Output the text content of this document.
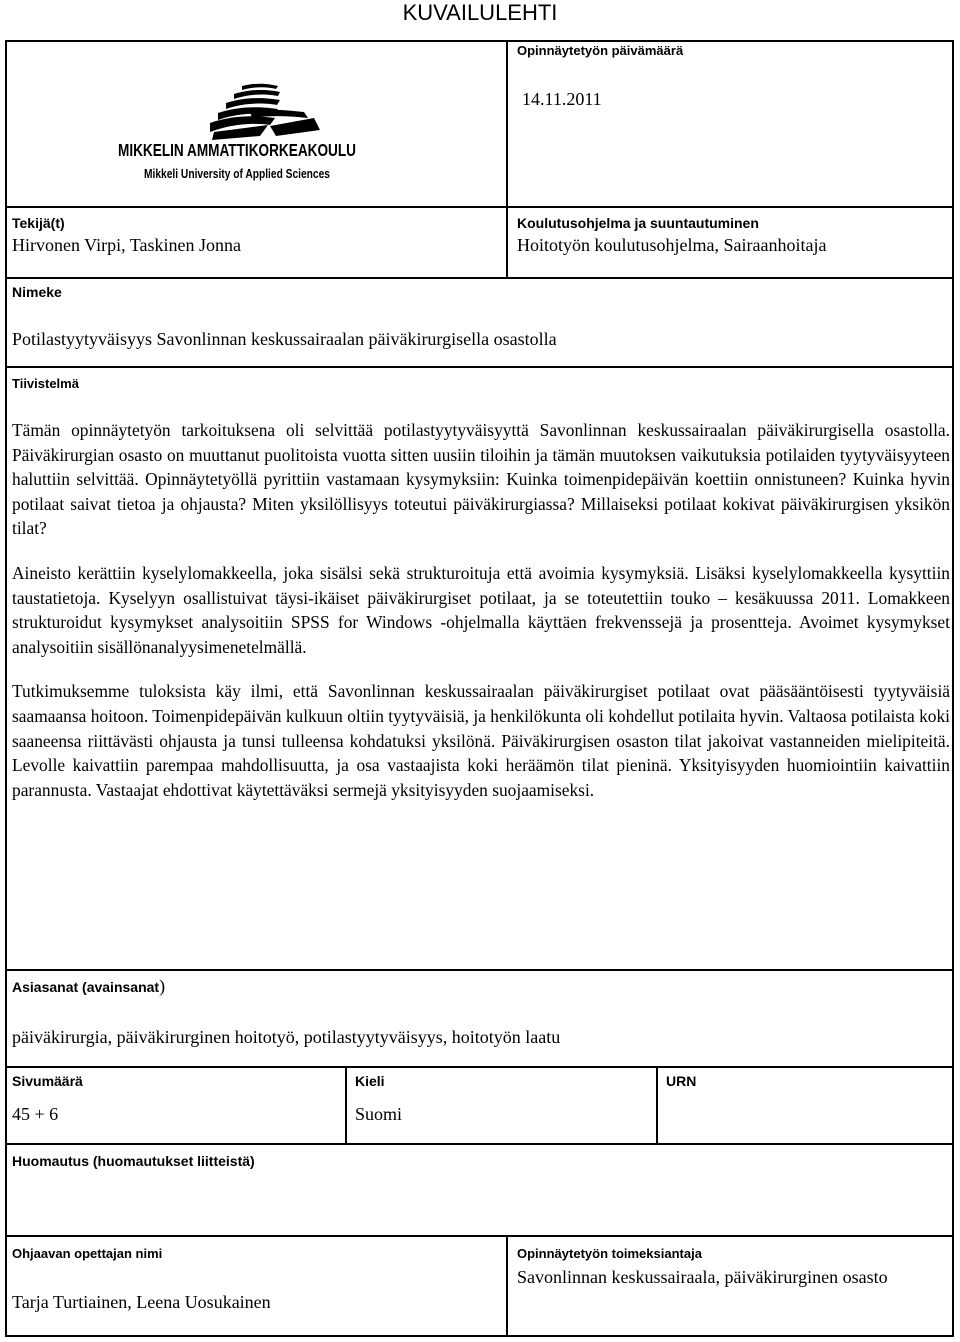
KUVAILULEHTI
MIKKELIN AMMATTIKORKEAKOULU
Mikkeli University of Applied Sciences
Opinnäytetyön päivämäärä
14.11.2011
Tekijä(t)
Hirvonen Virpi, Taskinen Jonna
Koulutusohjelma ja suuntautuminen
Hoitotyön koulutusohjelma, Sairaanhoitaja
Nimeke
Potilastyytyväisyys Savonlinnan keskussairaalan päiväkirurgisella osastolla
Tiivistelmä

Tämän opinnäytetyön tarkoituksena oli selvittää potilastyytyväisyyttä Savonlinnan keskussairaalan päiväkirurgisella osastolla. Päiväkirurgian osasto on muuttanut puolitoista vuotta sitten uusiin tiloihin ja tämän muutoksen vaikutuksia potilaiden tyytyväisyyteen haluttiin selvittää. Opinnäytetyöllä pyrittiin vastamaan kysymyksiin: Kuinka toimenpidepäivän koettiin onnistuneen? Kuinka hyvin potilaat saivat tietoa ja ohjausta? Miten yksilöllisyys toteutui päiväkirurgiassa? Millaiseksi potilaat kokivat päiväkirurgisen yksikön tilat?

Aineisto kerättiin kyselylomakkeella, joka sisälsi sekä strukturoituja että avoimia kysymyksiä. Lisäksi kyselylomakkeella kysyttiin taustatietoja. Kyselyyn osallistuivat täysi-ikäiset päiväkirurgiset potilaat, ja se toteutettiin touko – kesäkuussa 2011. Lomakkeen strukturoidut kysymykset analysoitiin SPSS for Windows -ohjelmalla käyttäen frekvenssejä ja prosentteja. Avoimet kysymykset analysoitiin sisällönanalyysimenetelmällä.

Tutkimuksemme tuloksista käy ilmi, että Savonlinnan keskussairaalan päiväkirurgiset potilaat ovat pääsääntöisesti tyytyväisiä saamaansa hoitoon. Toimenpidepäivän kulkuun oltiin tyytyväisiä, ja henkilökunta oli kohdellut potilaita hyvin. Valtaosa potilaista koki saaneensa riittävästi ohjausta ja tunsi tulleensa kohdatuksi yksilönä. Päiväkirurgisen osaston tilat jakoivat vastanneiden mielipiteitä. Levolle kaivattiin parempaa mahdollisuutta, ja osa vastaajista koki heräämön tilat pieninä. Yksityisyyden huomiointiin kaivattiin parannusta. Vastaajat ehdottivat käytettäväksi sermejä yksityisyyden suojaamiseksi.

Asiasanat (avainsanat)
päiväkirurgia, päiväkirurginen hoitotyö, potilastyytyväisyys, hoitotyön laatu
Sivumäärä
45 + 6
Kieli
Suomi
URN
Huomautus (huomautukset liitteistä)
Ohjaavan opettajan nimi
Tarja Turtiainen, Leena Uosukainen
Opinnäytetyön toimeksiantaja
Savonlinnan keskussairaala, päiväkirurginen osasto
